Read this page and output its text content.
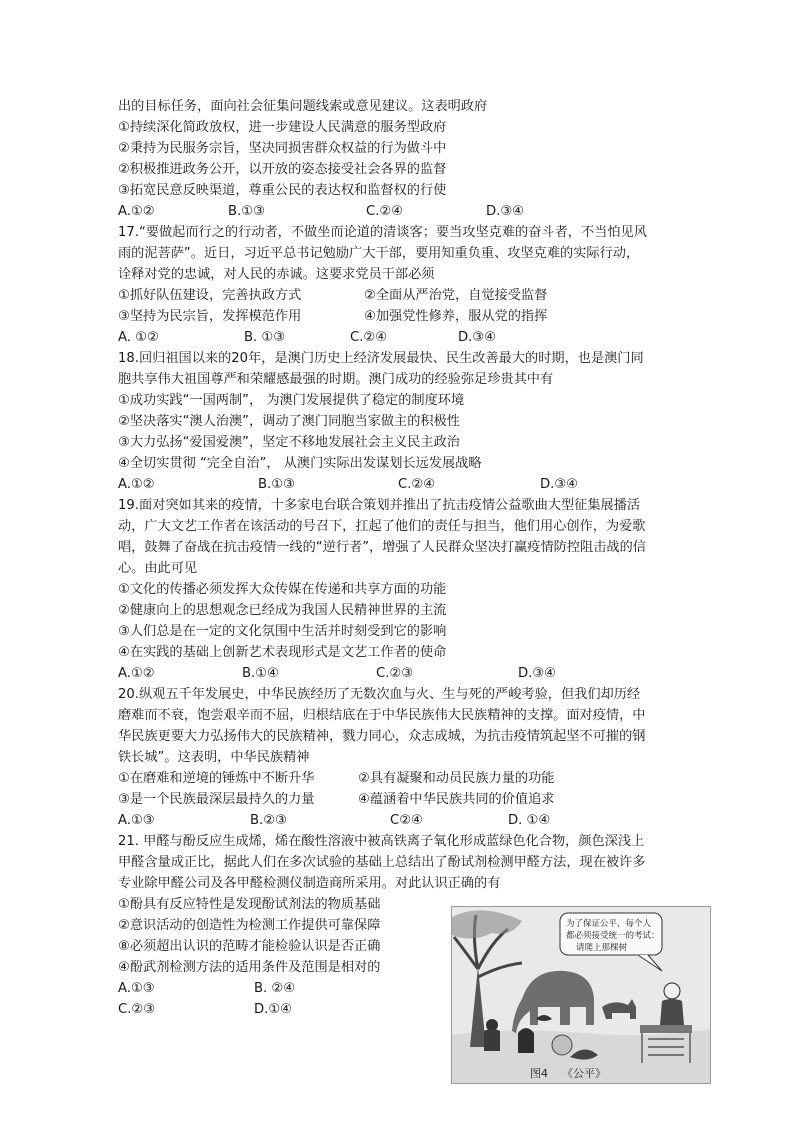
出的目标任务，面向社会征集问题线索或意见建议。这表明政府
①持续深化简政放权，进一步建设人民满意的服务型政府
②秉持为民服务宗旨，坚决同损害群众权益的行为做斗中
②积极推进政务公开，以开放的姿态接受社会各界的监督
③拓宽民意反映渠道，尊重公民的表达权和监督权的行使
A.①②	B.①③	C.②④	D.③④
17.“要做起而行之的行动者，不做坐而论道的清谈客；要当攻坚克难的奋斗者，不当怕见风
雨的泥菩萨”。近日，习近平总书记勉励广大干部，要用知重负重、攻坚克难的实际行动，
诠释对党的忠诚，对人民的赤诚。这要求党员干部必须
①抓好队伍建设，完善执政方式	②全面从严治党，自觉接受监督
③坚持为民宗旨，发挥模范作用	④加强党性修养，服从党的指挥
A. ①②	B. ①③	C.②④	D.③④
18.回归祖国以来的20年，是澳门历史上经济发展最快、民生改善最大的时期，也是澳门同
胞共享伟大祖国尊严和荣耀感最强的时期。澳门成功的经验弥足珍贵其中有
①成功实践“一国两制”， 为澳门发展提供了稳定的制度环境
②坚决落实“澳人治澳”，调动了澳门同胞当家做主的积极性
③大力弘扬“爱国爱澳”，坚定不移地发展社会主义民主政治
④全切实贯彻 “完全自治”， 从澳门实际出发谋划长远发展战略
A.①②	B.①③	C.②④	D.③④
19.面对突如其来的疫情，十多家电台联合策划并推出了抗击疫情公益歌曲大型征集展播活
动，广大文艺工作者在该活动的号召下，扛起了他们的责任与担当，他们用心创作，为爱歌
唱，鼓舞了奋战在抗击疫情一线的“逆行者”，增强了人民群众坚决打赢疫情防控阻击战的信
心。由此可见
①文化的传播必须发挥大众传媒在传递和共享方面的功能
②健康向上的思想观念已经成为我国人民精神世界的主流
③人们总是在一定的文化氛围中生活并时刻受到它的影响
④在实践的基础上创新艺术表现形式是文艺工作者的使命
A.①②	B.①④	C.②③	D.③④
20.纵观五千年发展史，中华民族经历了无数次血与火、生与死的严峻考验，但我们却历经
磨难而不衰，饱尝艰辛而不屈，归根结底在于中华民族伟大民族精神的支撑。面对疫情，中
华民族更要大力弘扬伟大的民族精神，戮力同心，众志成城，为抗击疫情筑起坚不可摧的钢
铁长城”。这表明，中华民族精神
①在磨难和逆境的锤炼中不断升华	②具有凝聚和动员民族力量的功能
③是一个民族最深层最持久的力量	④蕴涵着中华民族共同的价值追求
A.①③	B.②③	C②④	D. ①④
21. 甲醛与酚反应生成烯，烯在酸性溶液中被高铁离子氧化形成蓝绿色化合物，颜色深浅上
甲醛含量成正比，据此人们在多次试验的基础上总结出了酚试剂检测甲醛方法，现在被许多
专业除甲醛公司及各甲醛检测仪制造商所采用。对此认识正确的有
①酚具有反应特性是发现酚试剂法的物质基础
②意识活动的创造性为检测工作提供可靠保障
⑧必须超出认识的范畴才能检验认识是否正确
④酚武剂检测方法的适用条件及范围是相对的
A.①③	B. ②④
C.②③	D.①④
为了保证公平，每个人
都必须接受统一的考试：
请爬上那棵树
图4 《公平》
